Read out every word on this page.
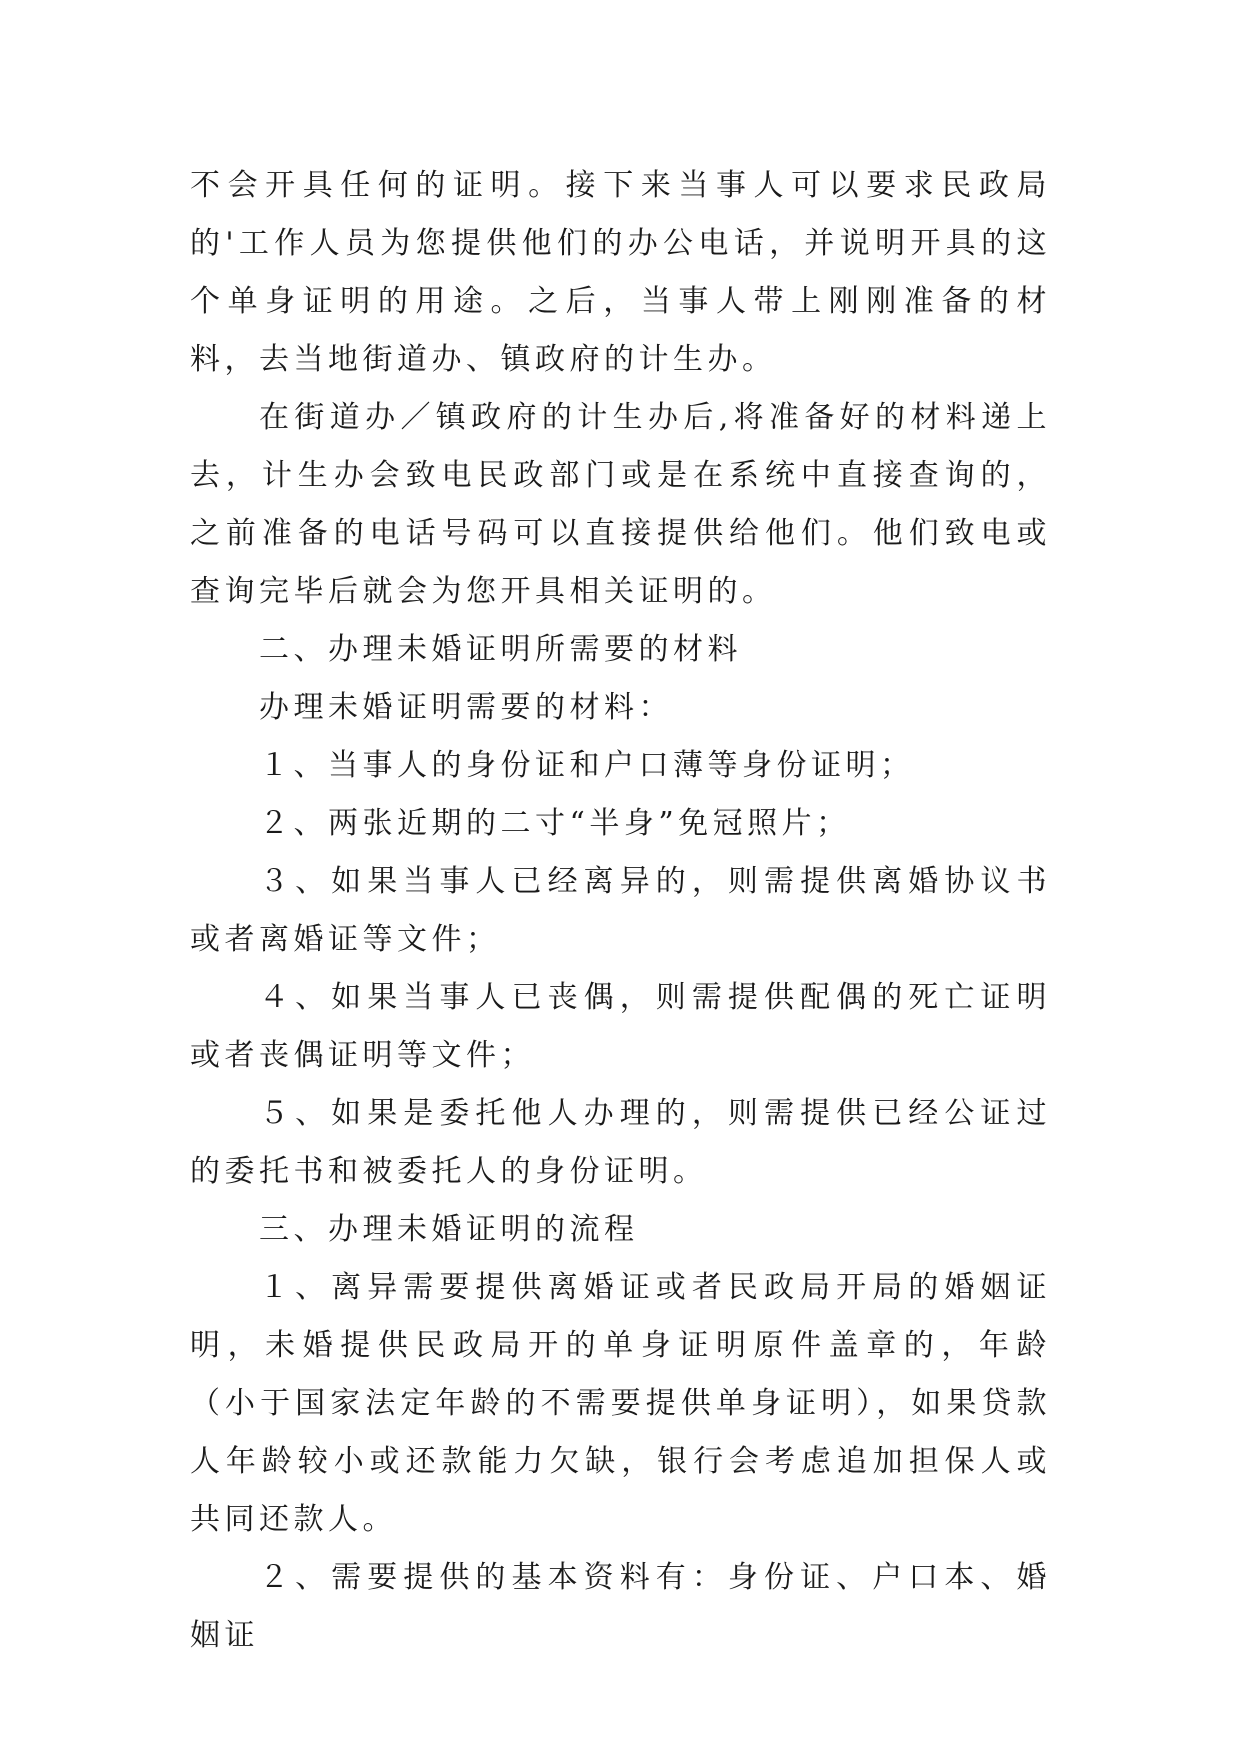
不会开具任何的证明。接下来当事人可以要求民政局的'工作人员为您提供他们的办公电话，并说明开具的这个单身证明的用途。之后，当事人带上刚刚准备的材料，去当地街道办、镇政府的计生办。

在街道办／镇政府的计生办后,将准备好的材料递上去，计生办会致电民政部门或是在系统中直接查询的，之前准备的电话号码可以直接提供给他们。他们致电或查询完毕后就会为您开具相关证明的。

二、办理未婚证明所需要的材料

办理未婚证明需要的材料：

１、当事人的身份证和户口薄等身份证明；

２、两张近期的二寸“半身”免冠照片；

３、如果当事人已经离异的，则需提供离婚协议书或者离婚证等文件；

４、如果当事人已丧偶，则需提供配偶的死亡证明或者丧偶证明等文件；

５、如果是委托他人办理的，则需提供已经公证过的委托书和被委托人的身份证明。

三、办理未婚证明的流程

１、离异需要提供离婚证或者民政局开局的婚姻证明，未婚提供民政局开的单身证明原件盖章的，年龄（小于国家法定年龄的不需要提供单身证明），如果贷款人年龄较小或还款能力欠缺，银行会考虑追加担保人或共同还款人。

２、需要提供的基本资料有：身份证、户口本、婚姻证
